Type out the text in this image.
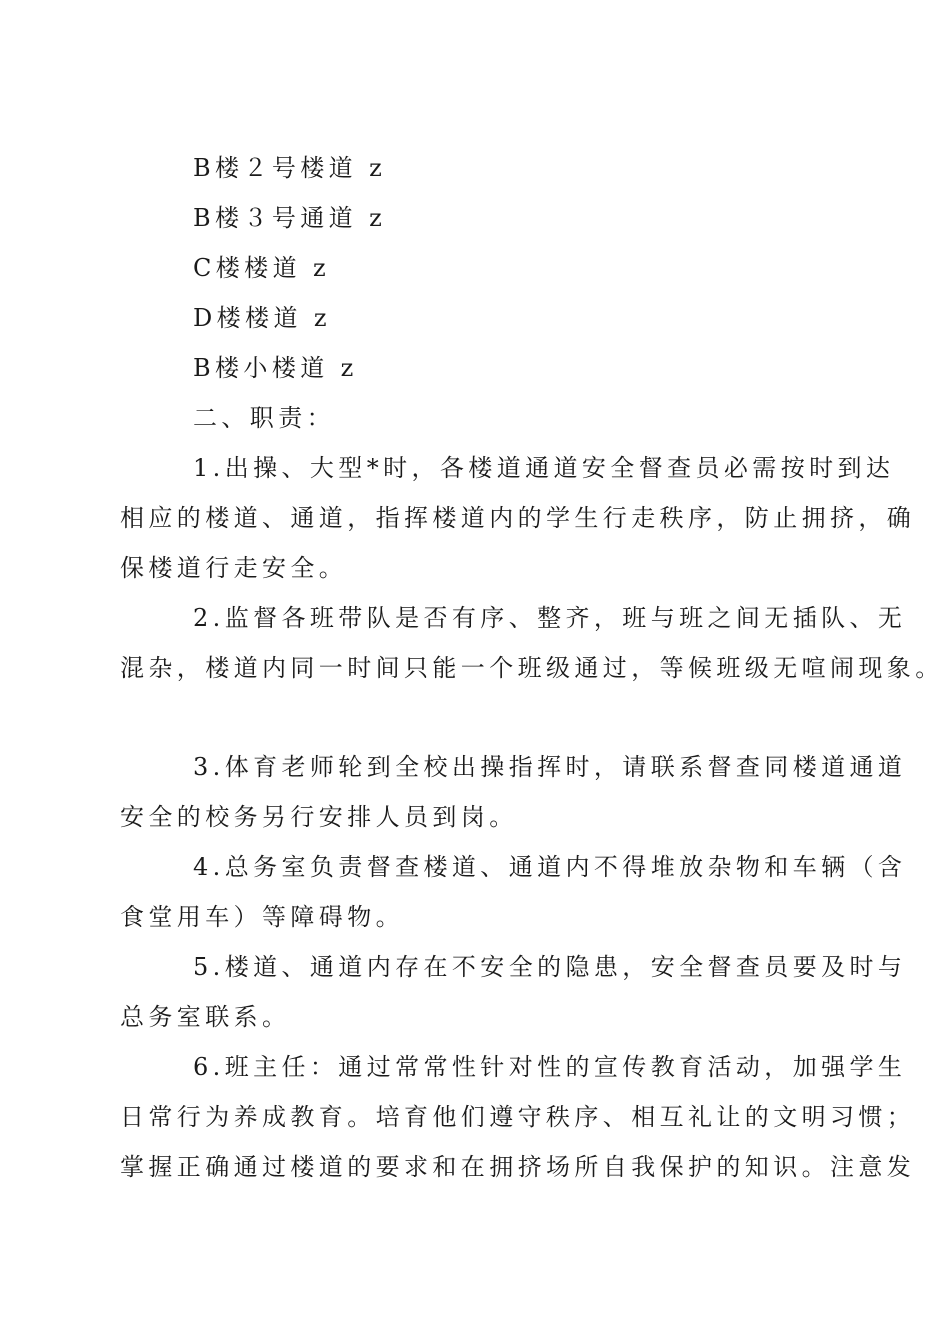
B楼２号楼道 z
B楼３号通道 z
C楼楼道 z
D楼楼道 z
B楼小楼道 z
二、职责：
1.出操、大型*时，各楼道通道安全督查员必需按时到达
相应的楼道、通道，指挥楼道内的学生行走秩序，防止拥挤，确
保楼道行走安全。
2.监督各班带队是否有序、整齐，班与班之间无插队、无
混杂，楼道内同一时间只能一个班级通过，等候班级无喧闹现象。
3.体育老师轮到全校出操指挥时，请联系督查同楼道通道
安全的校务另行安排人员到岗。
4.总务室负责督查楼道、通道内不得堆放杂物和车辆（含
食堂用车）等障碍物。
5.楼道、通道内存在不安全的隐患，安全督查员要及时与
总务室联系。
6.班主任：通过常常性针对性的宣传教育活动，加强学生
日常行为养成教育。培育他们遵守秩序、相互礼让的文明习惯；
掌握正确通过楼道的要求和在拥挤场所自我保护的知识。注意发
